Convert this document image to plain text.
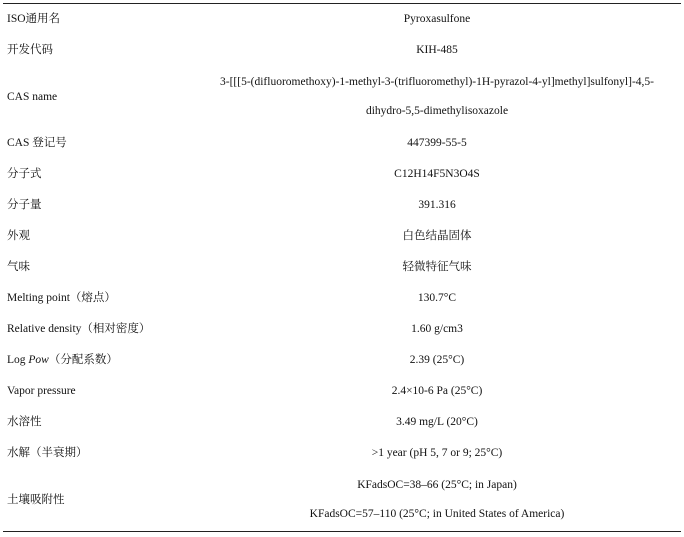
ISO通用名	Pyroxasulfone
开发代码	KIH-485
CAS name	3-[[[5-(difluoromethoxy)-1-methyl-3-(trifluoromethyl)-1H-pyrazol-4-yl]methyl]sulfonyl]-4,5-
dihydro-5,5-dimethylisoxazole

CAS 登记号	447399-55-5
分子式	C12H14F5N3O4S
分子量	391.316
外观	白色结晶固体
气味	轻微特征气味
Melting point（熔点）	130.7°C
Relative density（相对密度）	1.60 g/cm3
Log Pow（分配系数）	2.39 (25°C)
Vapor pressure	2.4×10-6 Pa (25°C)
水溶性	3.49 mg/L (20°C)
水解（半衰期）	>1 year (pH 5, 7 or 9; 25°C)
土壤吸附性	KFadsOC=38–66 (25°C; in Japan)
KFadsOC=57–110 (25°C; in United States of America)
